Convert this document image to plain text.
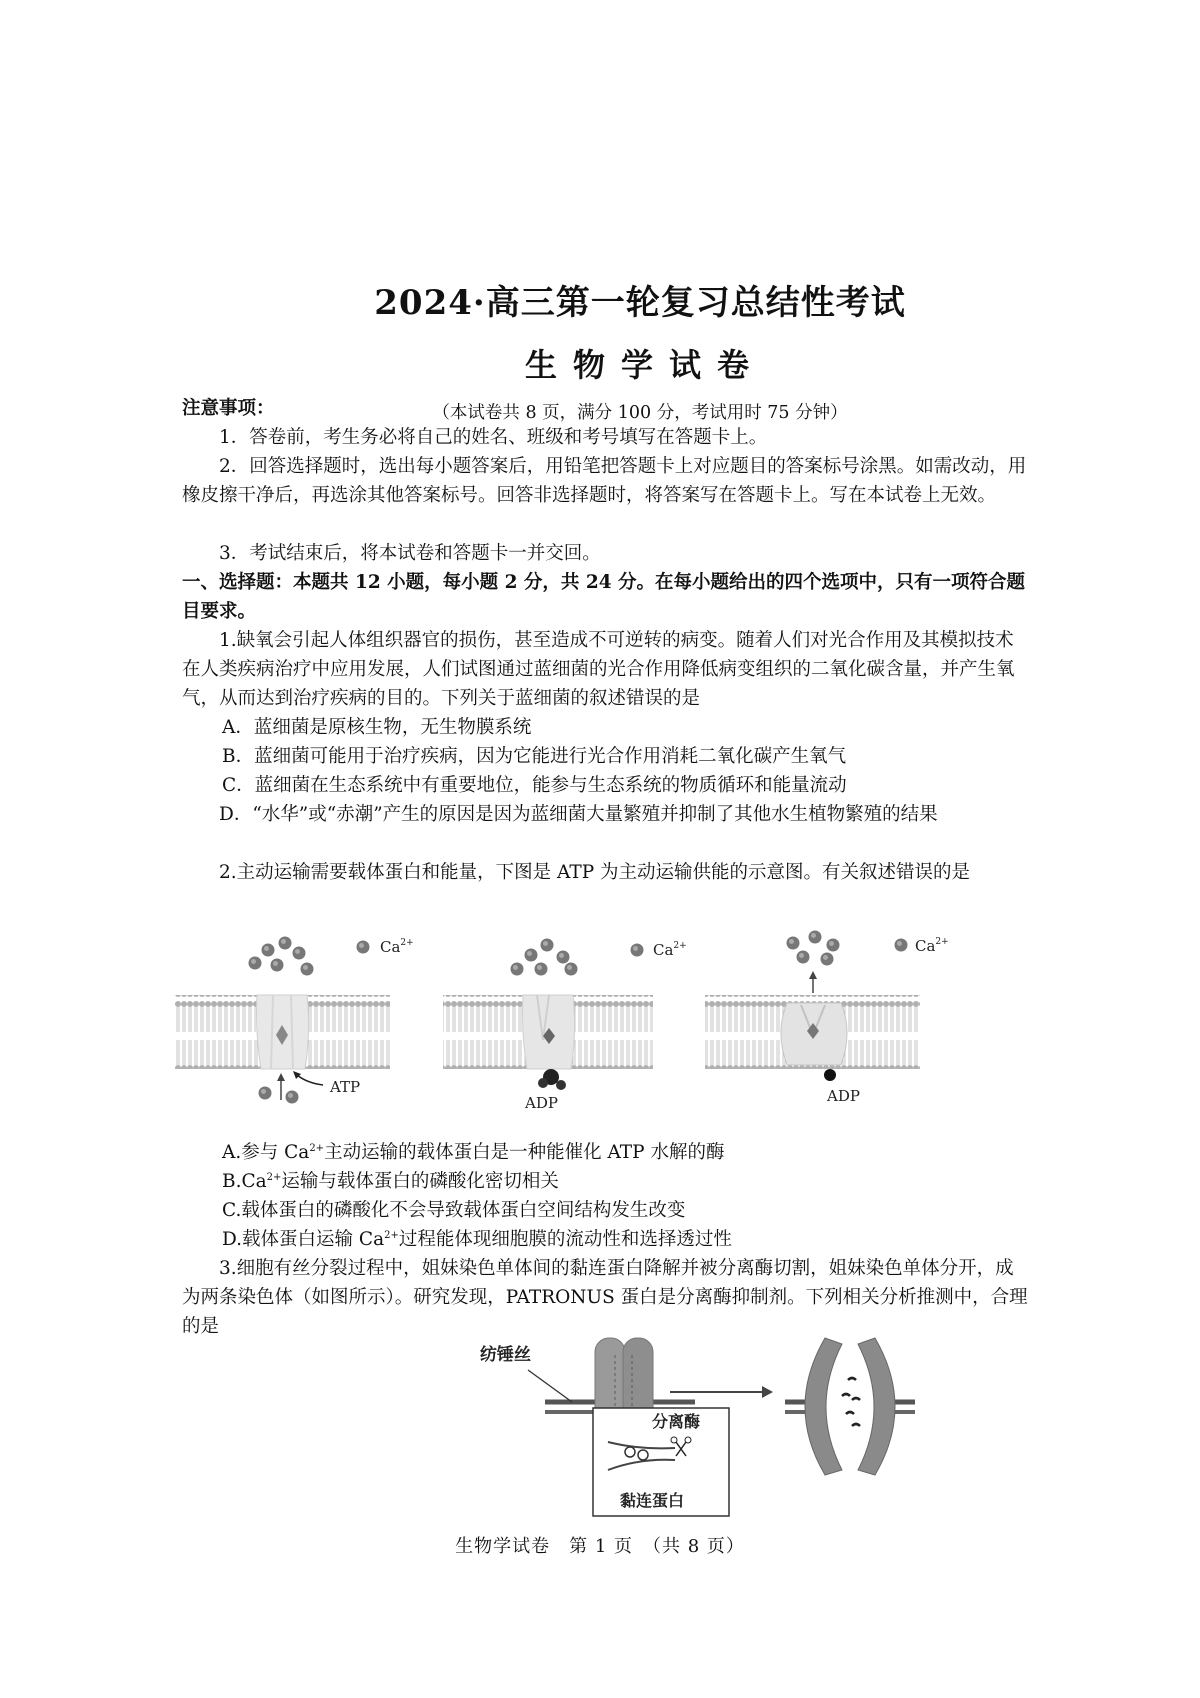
2024·高三第一轮复习总结性考试
生物学试卷
（本试卷共 8 页，满分 100 分，考试用时 75 分钟）
注意事项：
1．答卷前，考生务必将自己的姓名、班级和考号填写在答题卡上。
2．回答选择题时，选出每小题答案后，用铅笔把答题卡上对应题目的答案标号涂黑。如需改动，用橡皮擦干净后，再选涂其他答案标号。回答非选择题时，将答案写在答题卡上。写在本试卷上无效。
3．考试结束后，将本试卷和答题卡一并交回。
一、选择题：本题共 12 小题，每小题 2 分，共 24 分。在每小题给出的四个选项中，只有一项符合题目要求。
1.缺氧会引起人体组织器官的损伤，甚至造成不可逆转的病变。随着人们对光合作用及其模拟技术在人类疾病治疗中应用发展，人们试图通过蓝细菌的光合作用降低病变组织的二氧化碳含量，并产生氧气，从而达到治疗疾病的目的。下列关于蓝细菌的叙述错误的是
A．蓝细菌是原核生物，无生物膜系统
B．蓝细菌可能用于治疗疾病，因为它能进行光合作用消耗二氧化碳产生氧气
C．蓝细菌在生态系统中有重要地位，能参与生态系统的物质循环和能量流动
D．“水华”或“赤潮”产生的原因是因为蓝细菌大量繁殖并抑制了其他水生植物繁殖的结果
2.主动运输需要载体蛋白和能量，下图是 ATP 为主动运输供能的示意图。有关叙述错误的是
$Ca^{2+}$
ATP
$Ca^{2+}$
ADP
$Ca^{2+}$
ADP
A.参与 $Ca^{2+}$主动运输的载体蛋白是一种能催化 ATP 水解的酶
$B.Ca^{2+}$运输与载体蛋白的磷酸化密切相关
C.载体蛋白的磷酸化不会导致载体蛋白空间结构发生改变
D.载体蛋白运输 $Ca^{2+}$过程能体现细胞膜的流动性和选择透过性
3.细胞有丝分裂过程中，姐妹染色单体间的黏连蛋白降解并被分离酶切割，姐妹染色单体分开，成为两条染色体（如图所示）。研究发现，PATRONUS 蛋白是分离酶抑制剂。下列相关分析推测中，合理的是
纺锤丝
分离酶
黏连蛋白
生物学试卷　第 1 页　（共 8 页）
